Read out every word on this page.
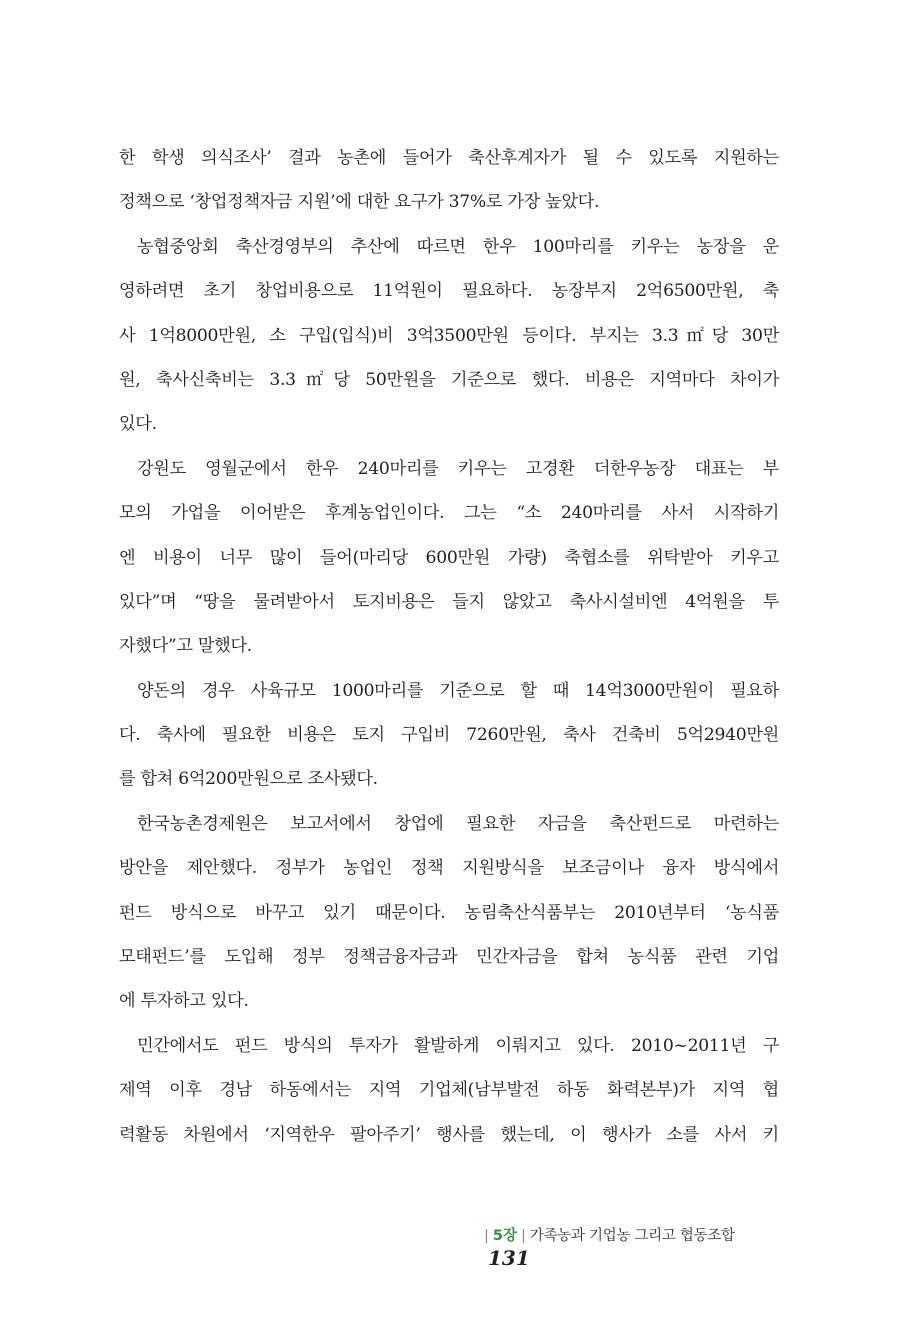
한 학생 의식조사’ 결과 농촌에 들어가 축산후계자가 될 수 있도록 지원하는
정책으로 ‘창업정책자금 지원’에 대한 요구가 37%로 가장 높았다.
농협중앙회 축산경영부의 추산에 따르면 한우 100마리를 키우는 농장을 운
영하려면 초기 창업비용으로 11억원이 필요하다. 농장부지 2억6500만원, 축
사 1억8000만원, 소 구입(입식)비 3억3500만원 등이다. 부지는 3.3㎡당 30만
원, 축사신축비는 3.3㎡당 50만원을 기준으로 했다. 비용은 지역마다 차이가
있다.
강원도 영월군에서 한우 240마리를 키우는 고경환 더한우농장 대표는 부
모의 가업을 이어받은 후계농업인이다. 그는 “소 240마리를 사서 시작하기
엔 비용이 너무 많이 들어(마리당 600만원 가량) 축협소를 위탁받아 키우고
있다”며 “땅을 물려받아서 토지비용은 들지 않았고 축사시설비엔 4억원을 투
자했다”고 말했다.
양돈의 경우 사육규모 1000마리를 기준으로 할 때 14억3000만원이 필요하
다. 축사에 필요한 비용은 토지 구입비 7260만원, 축사 건축비 5억2940만원
를 합쳐 6억200만원으로 조사됐다.
한국농촌경제원은 보고서에서 창업에 필요한 자금을 축산펀드로 마련하는
방안을 제안했다. 정부가 농업인 정책 지원방식을 보조금이나 융자 방식에서
펀드 방식으로 바꾸고 있기 때문이다. 농림축산식품부는 2010년부터 ‘농식품
모태펀드’를 도입해 정부 정책금융자금과 민간자금을 합쳐 농식품 관련 기업
에 투자하고 있다.
민간에서도 펀드 방식의 투자가 활발하게 이뤄지고 있다. 2010~2011년 구
제역 이후 경남 하동에서는 지역 기업체(남부발전 하동 화력본부)가 지역 협
력활동 차원에서 ‘지역한우 팔아주기’ 행사를 했는데, 이 행사가 소를 사서 키
| 5장 | 가족농과 기업농 그리고 협동조합131
